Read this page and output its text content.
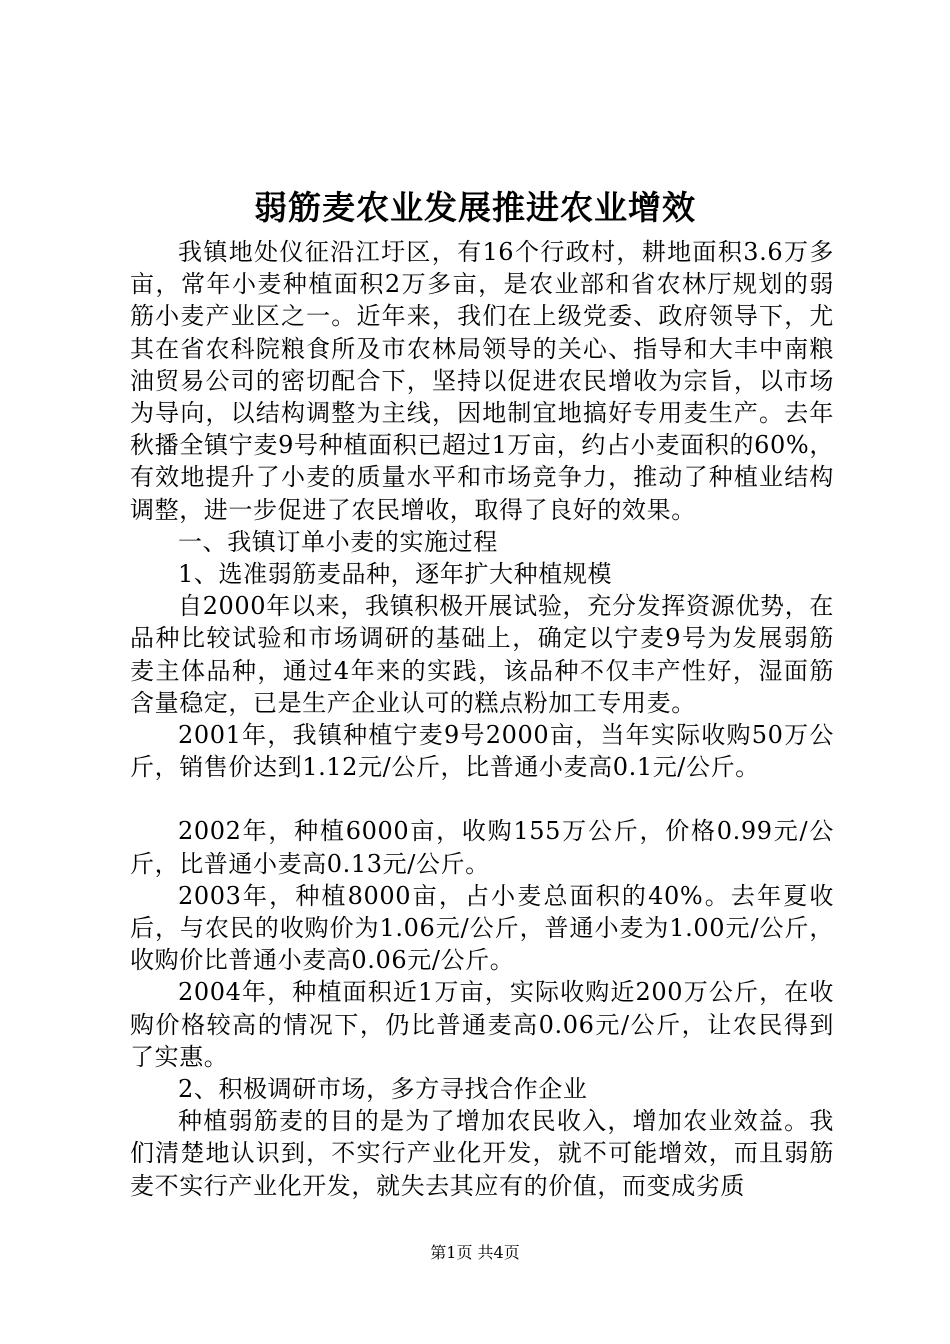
弱筋麦农业发展推进农业增效

我镇地处仪征沿江圩区，有16个行政村，耕地面积3.6万多亩，常年小麦种植面积2万多亩，是农业部和省农林厅规划的弱筋小麦产业区之一。近年来，我们在上级党委、政府领导下，尤其在省农科院粮食所及市农林局领导的关心、指导和大丰中南粮油贸易公司的密切配合下，坚持以促进农民增收为宗旨，以市场为导向，以结构调整为主线，因地制宜地搞好专用麦生产。去年秋播全镇宁麦9号种植面积已超过1万亩，约占小麦面积的60%，有效地提升了小麦的质量水平和市场竞争力，推动了种植业结构调整，进一步促进了农民增收，取得了良好的效果。

一、我镇订单小麦的实施过程

1、选准弱筋麦品种，逐年扩大种植规模

自2000年以来，我镇积极开展试验，充分发挥资源优势，在品种比较试验和市场调研的基础上，确定以宁麦9号为发展弱筋麦主体品种，通过4年来的实践，该品种不仅丰产性好，湿面筋含量稳定，已是生产企业认可的糕点粉加工专用麦。

2001年，我镇种植宁麦9号2000亩，当年实际收购50万公斤，销售价达到1.12元/公斤，比普通小麦高0.1元/公斤。

2002年，种植6000亩，收购155万公斤，价格0.99元/公斤，比普通小麦高0.13元/公斤。

2003年，种植8000亩，占小麦总面积的40%。去年夏收后，与农民的收购价为1.06元/公斤，普通小麦为1.00元/公斤，收购价比普通小麦高0.06元/公斤。

2004年，种植面积近1万亩，实际收购近200万公斤，在收购价格较高的情况下，仍比普通麦高0.06元/公斤，让农民得到了实惠。

2、积极调研市场，多方寻找合作企业

种植弱筋麦的目的是为了增加农民收入，增加农业效益。我们清楚地认识到，不实行产业化开发，就不可能增效，而且弱筋麦不实行产业化开发，就失去其应有的价值，而变成劣质

第1页 共4页
